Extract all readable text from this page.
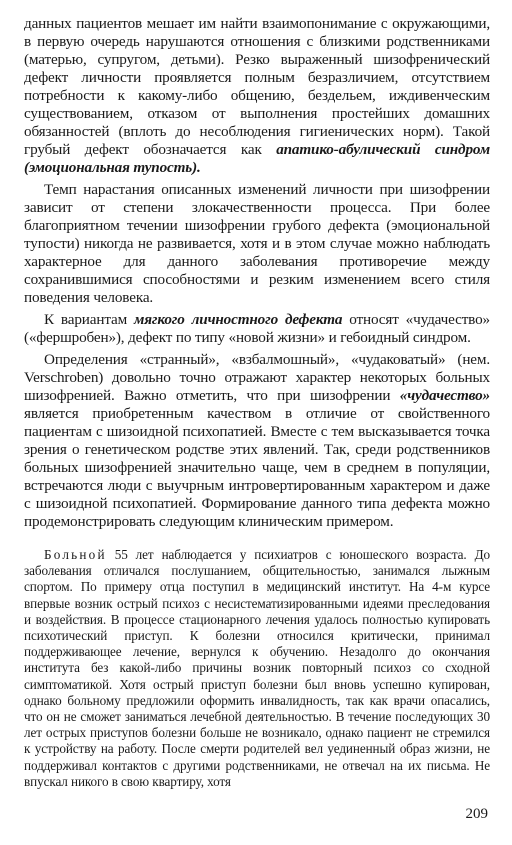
данных пациентов мешает им найти взаимопонимание с окружающими, в первую очередь нарушаются отношения с близкими родственниками (матерью, супругом, детьми). Резко выраженный шизофренический дефект личности проявляется полным безразличием, отсутствием потребности к какому-либо общению, бездельем, иждивенческим существованием, отказом от выполнения простейших домашних обязанностей (вплоть до несоблюдения гигиенических норм). Такой грубый дефект обозначается как апатико-абулический синдром (эмоциональная тупость).

Темп нарастания описанных изменений личности при шизофрении зависит от степени злокачественности процесса. При более благоприятном течении шизофрении грубого дефекта (эмоциональной тупости) никогда не развивается, хотя и в этом случае можно наблюдать характерное для данного заболевания противоречие между сохранившимися способностями и резким изменением всего стиля поведения человека.

К вариантам мягкого личностного дефекта относят «чудачество» («фершробен»), дефект по типу «новой жизни» и гебоидный синдром.

Определения «странный», «взбалмошный», «чудаковатый» (нем. Verschroben) довольно точно отражают характер некоторых больных шизофренией. Важно отметить, что при шизофрении «чудачество» является приобретенным качеством в отличие от свойственного пациентам с шизоидной психопатией. Вместе с тем высказывается точка зрения о генетическом родстве этих явлений. Так, среди родственников больных шизофренией значительно чаще, чем в среднем в популяции, встречаются люди с выучрным интровертированным характером и даже с шизоидной психопатией. Формирование данного типа дефекта можно продемонстрировать следующим клиническим примером.

Больной 55 лет наблюдается у психиатров с юношеского возраста. До заболевания отличался послушанием, общительностью, занимался лыжным спортом. По примеру отца поступил в медицинский институт. На 4-м курсе впервые возник острый психоз с несистематизированными идеями преследования и воздействия. В процессе стационарного лечения удалось полностью купировать психотический приступ. К болезни относился критически, принимал поддерживающее лечение, вернулся к обучению. Незадолго до окончания института без какой-либо причины возник повторный психоз со сходной симптоматикой. Хотя острый приступ болезни был вновь успешно купирован, однако больному предложили оформить инвалидность, так как врачи опасались, что он не сможет заниматься лечебной деятельностью. В течение последующих 30 лет острых приступов болезни больше не возникало, однако пациент не стремился к устройству на работу. После смерти родителей вел уединенный образ жизни, не поддерживал контактов с другими родственниками, не отвечал на их письма. Не впускал никого в свою квартиру, хотя

209
